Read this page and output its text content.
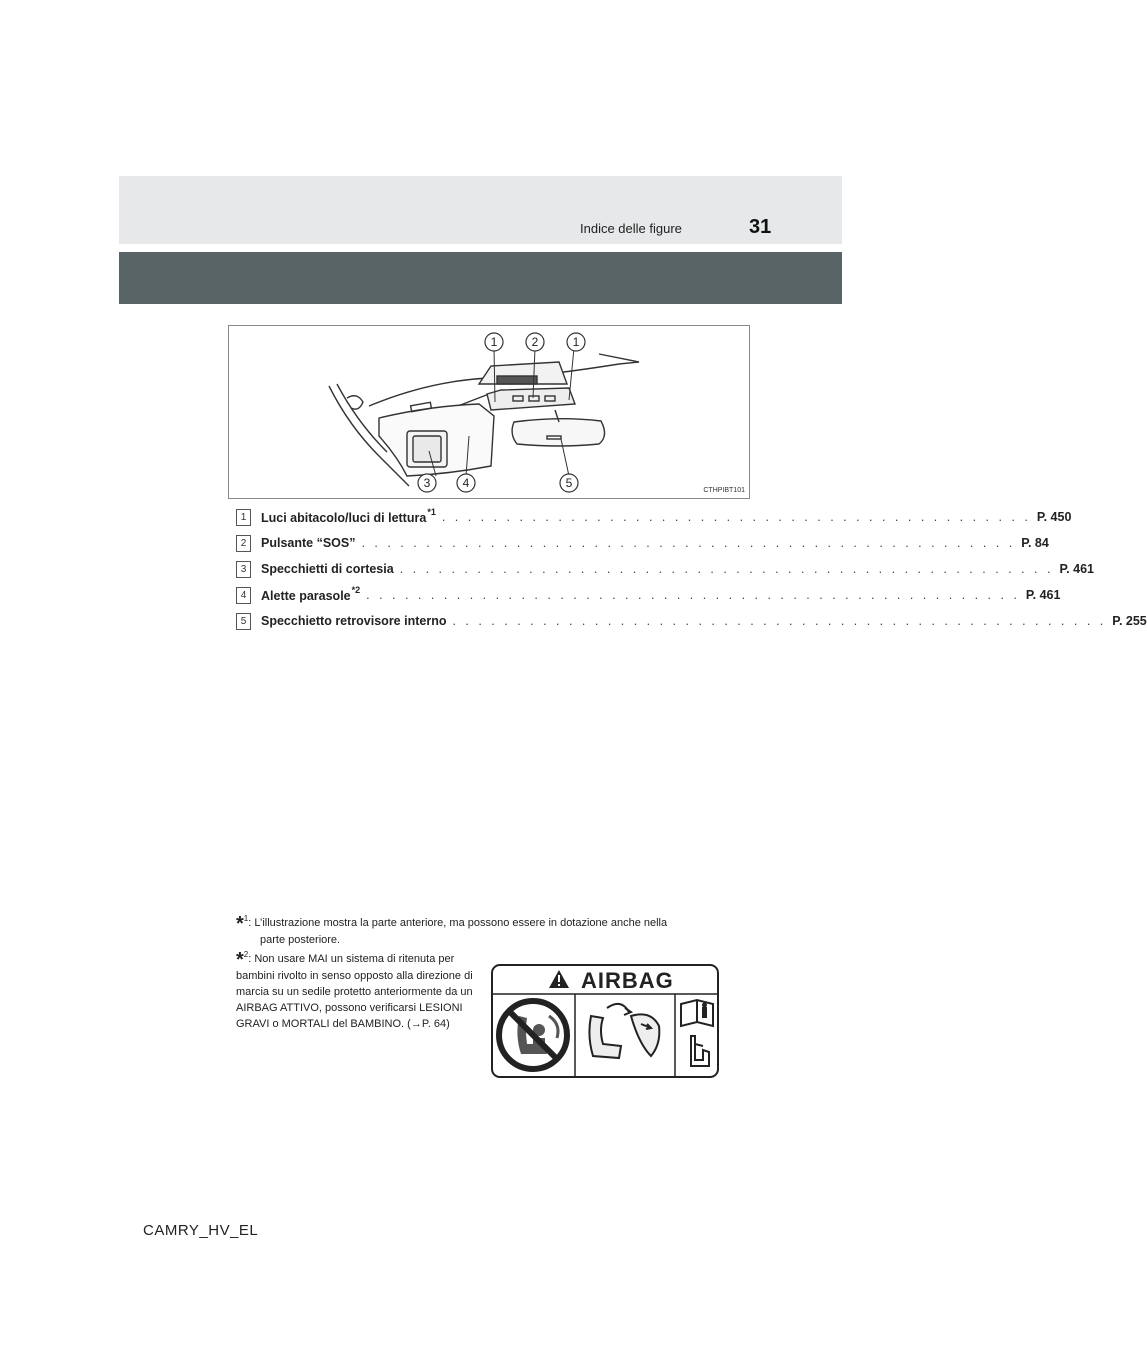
Indice delle figure	31
1	2	1
3	4	5
CTHPIBT101
1	Luci abitacolo/luci di lettura$^{*1}$ . . . . . . . . . . . . . . . . . . . . . . . . . . . . . . . . . . . . . . . . . . . . . . P. 450
2	Pulsante “SOS” . . . . . . . . . . . . . . . . . . . . . . . . . . . . . . . . . . . . . . . . . . . . . . . . . . . P. 84
3	Specchietti di cortesia . . . . . . . . . . . . . . . . . . . . . . . . . . . . . . . . . . . . . . . . . . . . . . . . . . . P. 461
4	Alette parasole$^{*2}$ . . . . . . . . . . . . . . . . . . . . . . . . . . . . . . . . . . . . . . . . . . . . . . . . . . . P. 461
5	Specchietto retrovisore interno . . . . . . . . . . . . . . . . . . . . . . . . . . . . . . . . . . . . . . . . . . . . . . . . . . . P. 255
*$^1$: L’illustrazione mostra la parte anteriore, ma possono essere in dotazione anche nella
parte posteriore.
*$^2$: Non usare MAI un sistema di ritenuta per bambini rivolto in senso opposto alla direzione di marcia su un sedile protetto anteriormente da un AIRBAG ATTIVO, possono verificarsi LESIONI GRAVI o MORTALI del BAMBINO. (→P. 64)
AIRBAG
CAMRY_HV_EL
